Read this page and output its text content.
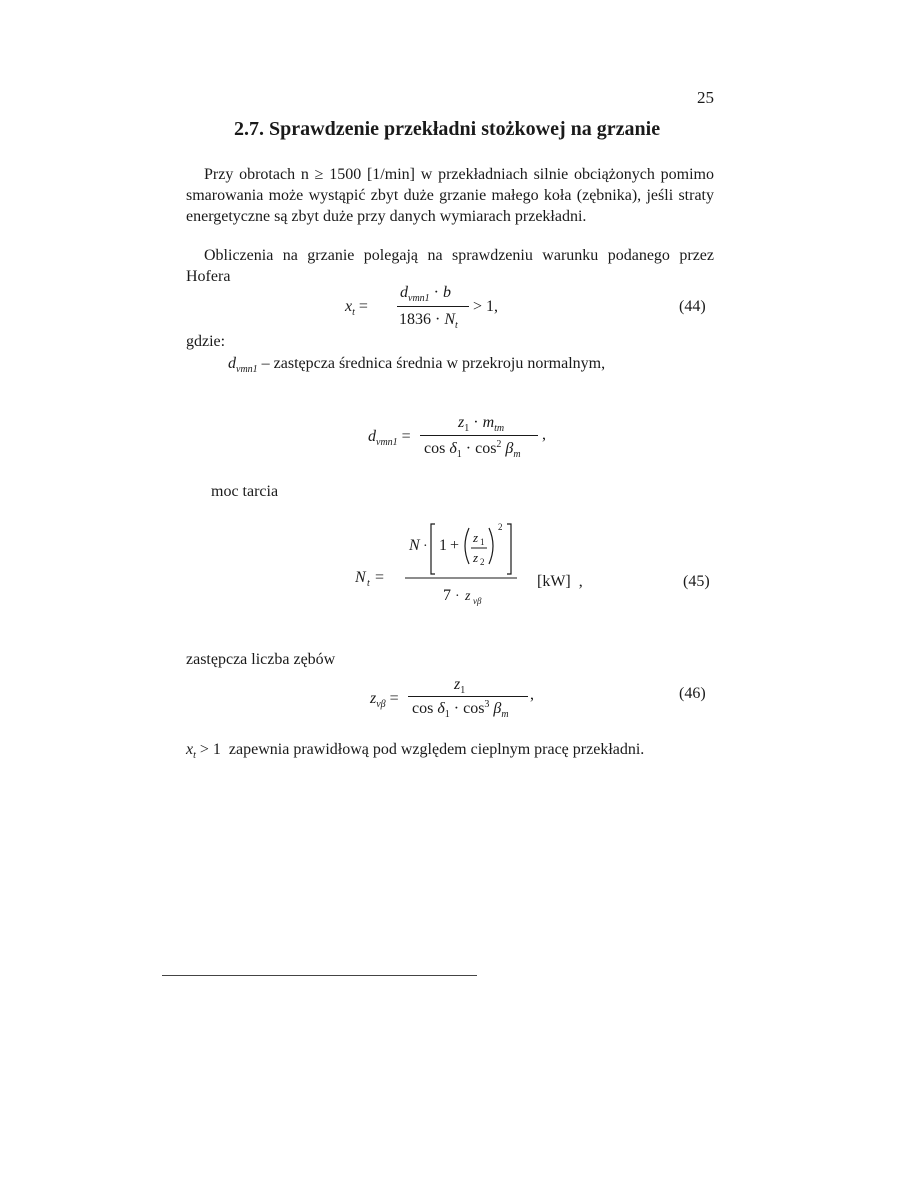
25
2.7. Sprawdzenie przekładni stożkowej na grzanie
Przy obrotach n ≥ 1500 [1/min] w przekładniach silnie obciążonych pomimo smarowania może wystąpić zbyt duże grzanie małego koła (zębnika), jeśli straty energetyczne są zbyt duże przy danych wymiarach przekładni.
Obliczenia na grzanie polegają na sprawdzeniu warunku podanego przez Hofera
$x_t$ =
$d_{vmn1} \cdot b$
$1836 \cdot N_t$
> 1,	(44)
gdzie:
$d_{vmn1}$ – zastępcza średnica średnia w przekroju normalnym,
$d_{vmn1}$ =
$z_1 \cdot m_{tm}$
$\cos \delta_1 \cdot \cos^2 \beta_m$
,
moc tarcia
N t =
N · 1 + z 1
z 2
2
7 · z vβ
[kW]  ,	(45)
zastępcza liczba zębów
$z_{v\beta}$ =
$z_1$
$\cos \delta_1 \cdot \cos^3 \beta_m$
,	(46)
$x_t > 1$  zapewnia prawidłową pod względem cieplnym pracę przekładni.
